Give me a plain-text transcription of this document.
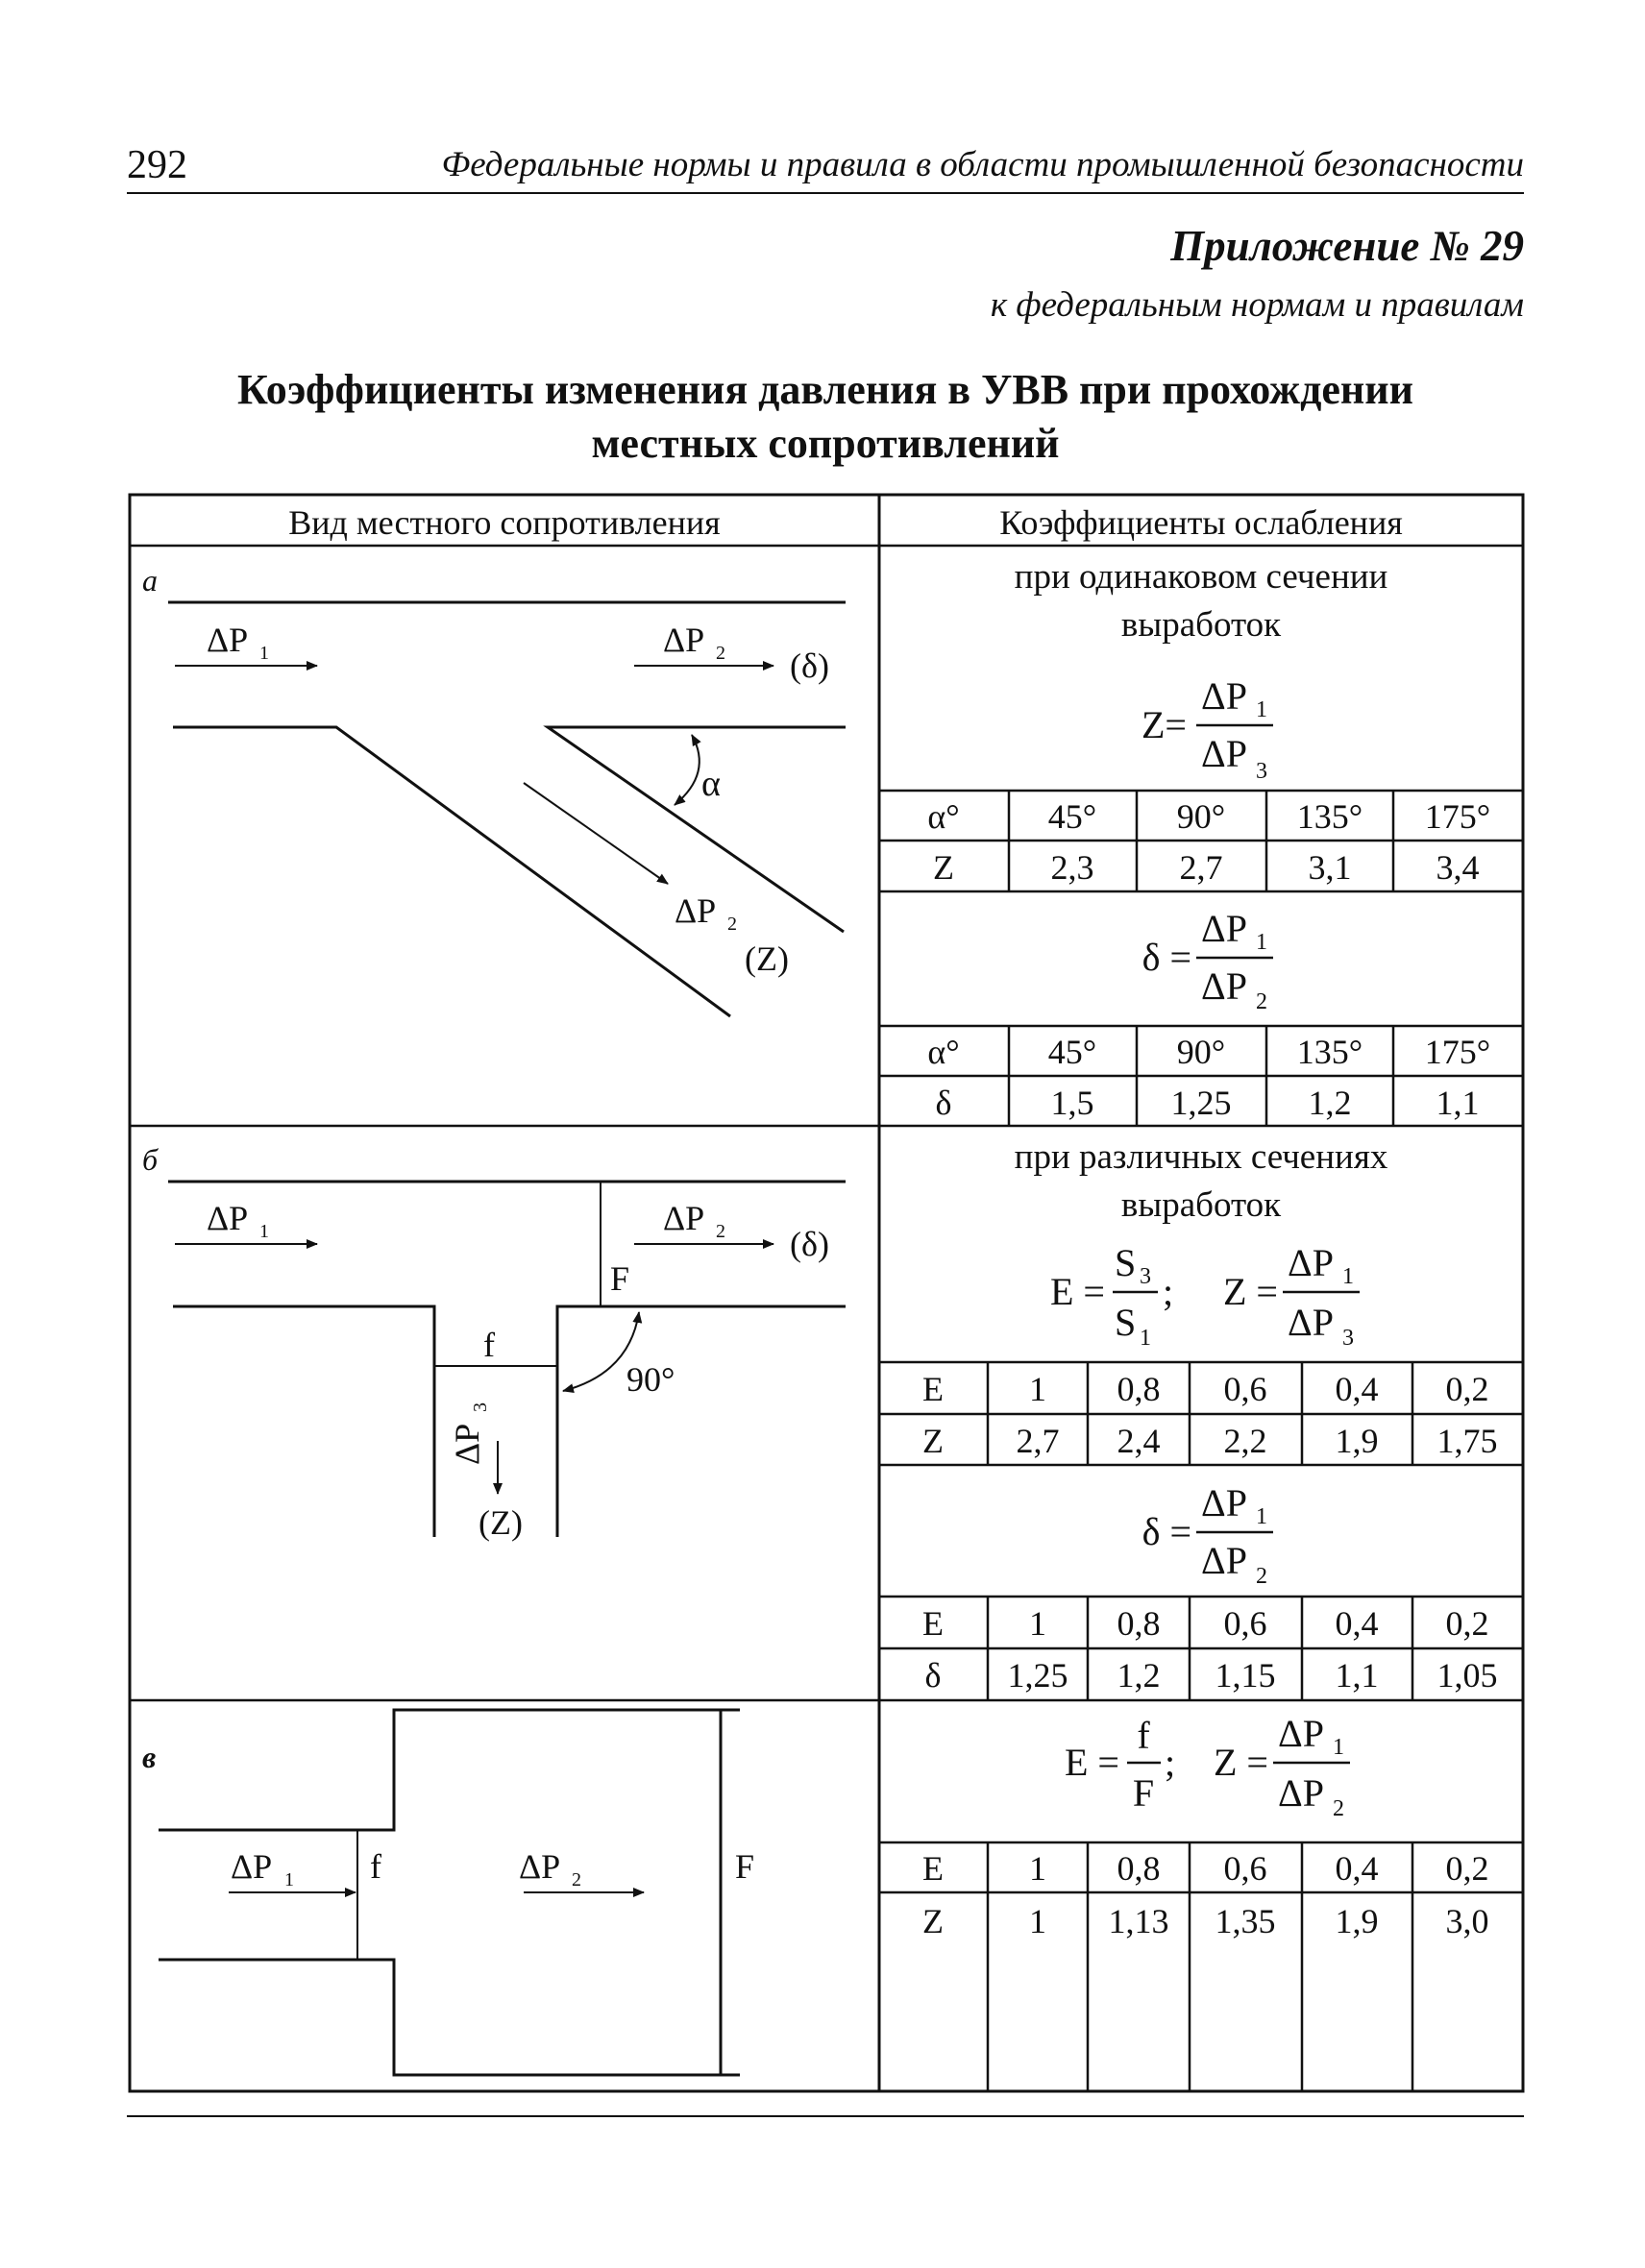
292	Федеральные нормы и правила в области промышленной безопасности
Приложение № 29
к федеральным нормам и правилам
Коэффициенты изменения давления в УВВ при прохождении
местных сопротивлений
Вид местного сопротивления	Коэффициенты ослабления
а
ΔP 1	ΔP 2 (δ)
α
ΔP 2
(Z)
при одинаковом сечении
выработок
Z=
ΔP 1
ΔP 3
α°	45° 90° 135° 175°
Z	2,3 2,7 3,1 3,4
δ =
ΔP 1
ΔP 2
α°	45° 90° 135° 175°
δ	1,5 1,25 1,2 1,1
б
ΔP 1	ΔP 2 (δ)
F
f
90°
ΔP
3
(Z)
при различных сечениях
выработок
E =
S 3
S 1
; Z =
ΔP 1
ΔP 3
E 1 0,8 0,6 0,4 0,2
Z 2,7 2,4 2,2 1,9 1,75
δ =
ΔP 1
ΔP 2
E 1 0,8 0,6 0,4 0,2
δ 1,25 1,2 1,15 1,1 1,05
в
ΔP 1 f	ΔP 2	F
E =
f
F
; Z =
ΔP 1
ΔP 2
E 1 0,8 0,6 0,4 0,2
Z 1 1,13 1,35 1,9 3,0
